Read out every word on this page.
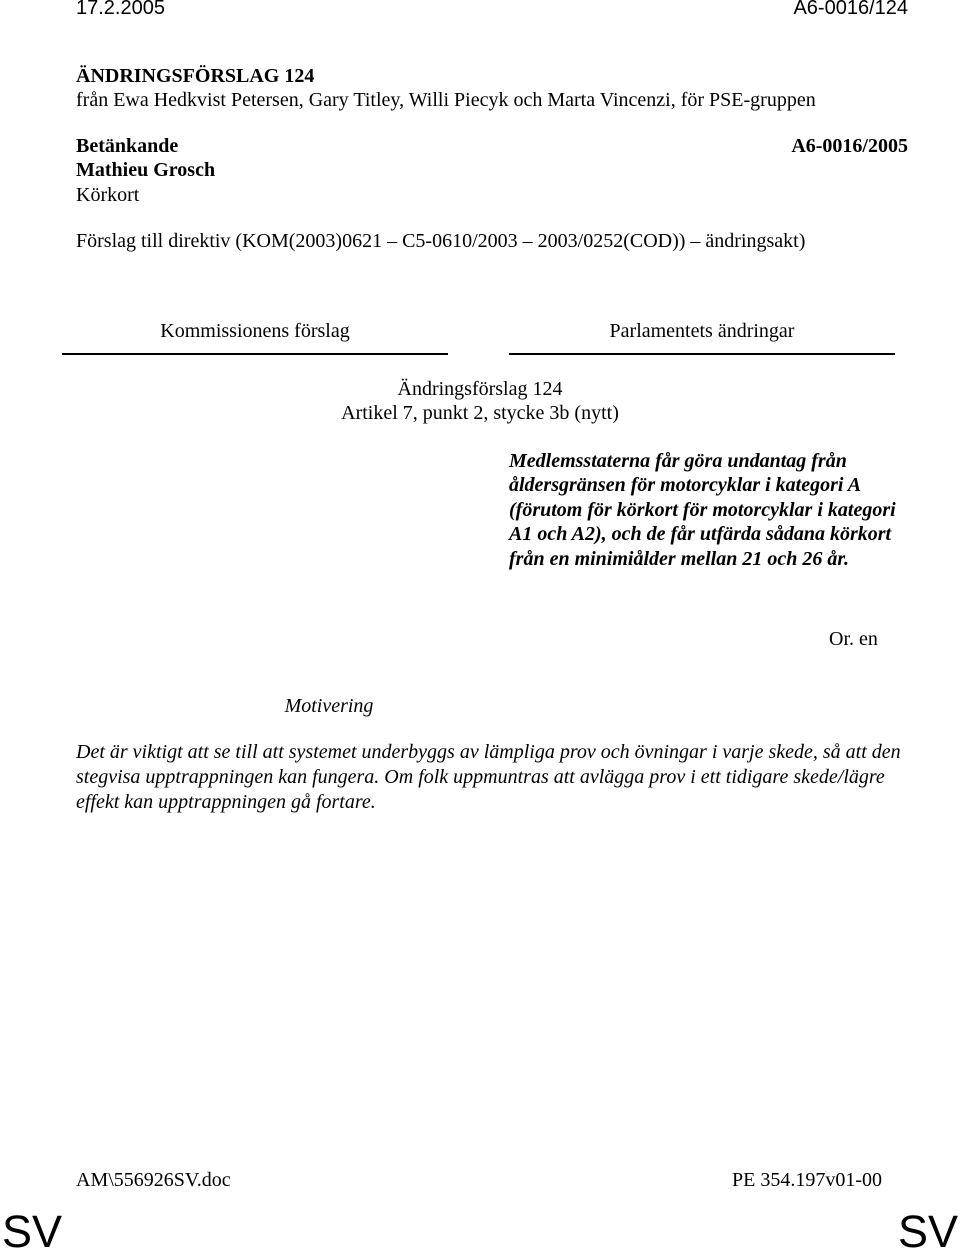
17.2.2005	A6-0016/124
ÄNDRINGSFÖRSLAG 124
från Ewa Hedkvist Petersen, Gary Titley, Willi Piecyk och Marta Vincenzi, för PSE-gruppen
Betänkande	A6-0016/2005
Mathieu Grosch
Körkort
Förslag till direktiv (KOM(2003)0621 – C5-0610/2003 – 2003/0252(COD)) – ändringsakt)
Kommissionens förslag	Parlamentets ändringar
Ändringsförslag 124
Artikel 7, punkt 2, stycke 3b (nytt)
Medlemsstaterna får göra undantag från åldersgränsen för motorcyklar i kategori A (förutom för körkort för motorcyklar i kategori A1 och A2), och de får utfärda sådana körkort från en minimiålder mellan 21 och 26 år.
Or. en
Motivering
Det är viktigt att se till att systemet underbyggs av lämpliga prov och övningar i varje skede, så att den stegvisa upptrappningen kan fungera. Om folk uppmuntras att avlägga prov i ett tidigare skede/lägre effekt kan upptrappningen gå fortare.
AM\556926SV.doc	PE 354.197v01-00
SV	SV
